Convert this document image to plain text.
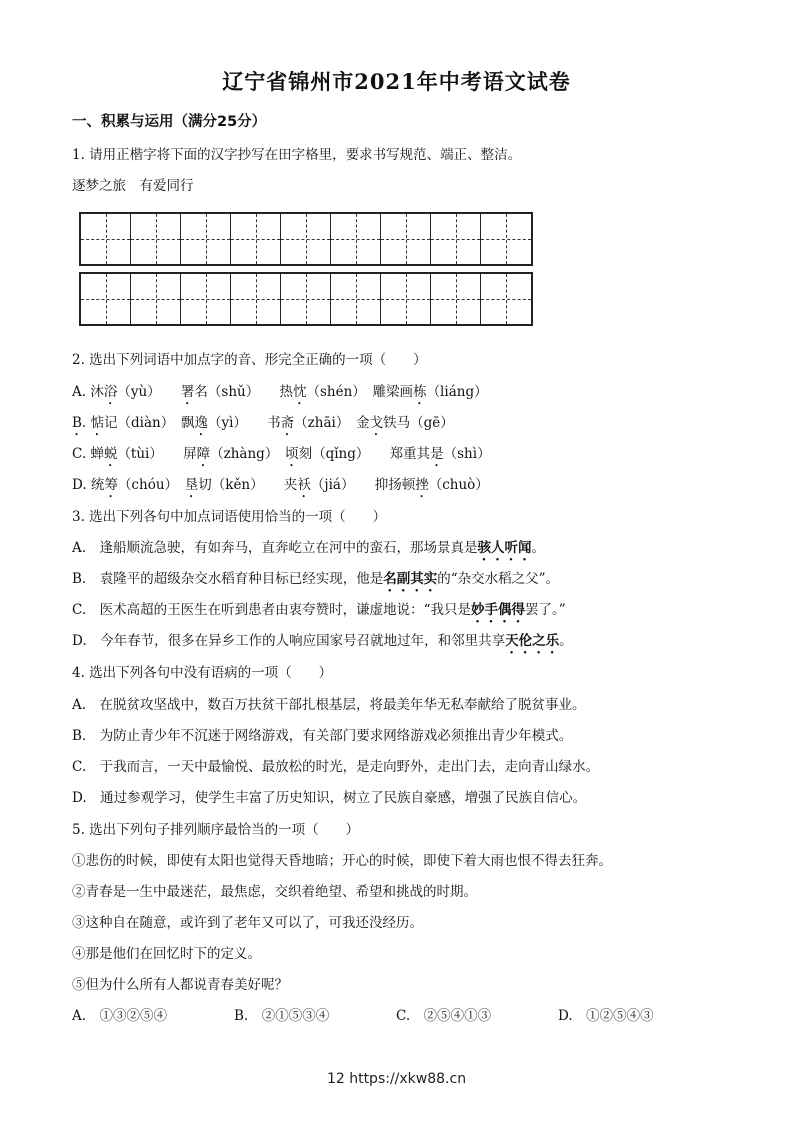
辽宁省锦州市2021年中考语文试卷
一、积累与运用（满分25分）
1. 请用正楷字将下面的汉字抄写在田字格里，要求书写规范、端正、整洁。
逐梦之旅　有爱同行
2. 选出下列词语中加点字的音、形完全正确的一项（　　）
A. 沐浴（yù）　　 署名（shǔ）　　 热忱（shén）　 雕梁画栋（liáng）
B. 惦记（diàn）　 飘逸（yì）　　 书斋（zhāi）　 金戈铁马（gē）
C. 蝉蜕（tùi）　　 屏障（zhàng）　 顷刻（qǐng）　　 郑重其是（shì）
D. 统筹（chóu）　 垦切（kěn）　　 夹袄（jiá）　　 抑扬顿挫（chuò）
3. 选出下列各句中加点词语使用恰当的一项（　　）
A.　逢船顺流急驶，有如奔马，直奔屹立在河中的蛮石，那场景真是骇人听闻。
B.　袁隆平的超级杂交水稻育种目标已经实现，他是名副其实的“杂交水稻之父”。
C.　医术高超的王医生在听到患者由衷夸赞时，谦虚地说：“我只是妙手偶得罢了。”
D.　今年春节，很多在异乡工作的人响应国家号召就地过年，和邻里共享天伦之乐。
4. 选出下列各句中没有语病的一项（　　）
A.　在脱贫攻坚战中，数百万扶贫干部扎根基层，将最美年华无私奉献给了脱贫事业。
B.　为防止青少年不沉迷于网络游戏，有关部门要求网络游戏必须推出青少年模式。
C.　于我而言，一天中最愉悦、最放松的时光，是走向野外，走出门去，走向青山绿水。
D.　通过参观学习，使学生丰富了历史知识，树立了民族自豪感，增强了民族自信心。
5. 选出下列句子排列顺序最恰当的一项（　　）
①悲伤的时候，即使有太阳也觉得天昏地暗；开心的时候，即使下着大雨也恨不得去狂奔。
②青春是一生中最迷茫，最焦虑，交织着绝望、希望和挑战的时期。
③这种自在随意，或许到了老年又可以了，可我还没经历。
④那是他们在回忆时下的定义。
⑤但为什么所有人都说青春美好呢？
A.　①③②⑤④	B.　②①⑤③④	C.　②⑤④①③	D.　①②⑤④③
12 https://xkw88.cn
